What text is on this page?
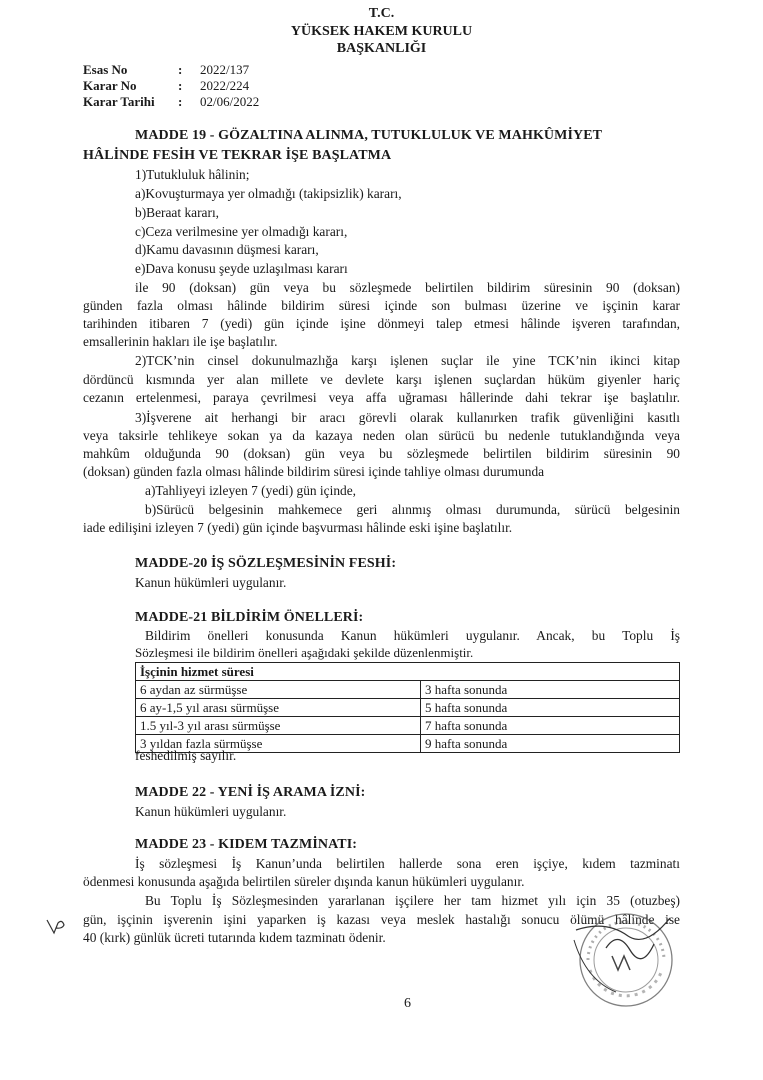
T.C.
YÜKSEK HAKEM KURULU
BAŞKANLIĞI
Esas No	:	2022/137
Karar No	:	2022/224
Karar Tarihi	:	02/06/2022
MADDE 19 - GÖZALTINA ALINMA, TUTUKLULUK VE MAHKÛMİYET
HÂLİNDE FESİH VE TEKRAR İŞE BAŞLATMA
1)Tutukluluk hâlinin;
a)Kovuşturmaya yer olmadığı (takipsizlik) kararı,
b)Beraat kararı,
c)Ceza verilmesine yer olmadığı kararı,
d)Kamu davasının düşmesi kararı,
e)Dava konusu şeyde uzlaşılması kararı
ile 90 (doksan) gün veya bu sözleşmede belirtilen bildirim süresinin 90 (doksan)
günden fazla olması hâlinde bildirim süresi içinde son bulması üzerine ve işçinin karar
tarihinden itibaren 7 (yedi) gün içinde işine dönmeyi talep etmesi hâlinde işveren tarafından,
emsallerinin hakları ile işe başlatılır.
2)TCK’nin cinsel dokunulmazlığa karşı işlenen suçlar ile yine TCK’nin ikinci kitap
dördüncü kısmında yer alan millete ve devlete karşı işlenen suçlardan hüküm giyenler hariç
cezanın ertelenmesi, paraya çevrilmesi veya affa uğraması hâllerinde dahi tekrar işe başlatılır.
3)İşverene ait herhangi bir aracı görevli olarak kullanırken trafik güvenliğini kasıtlı
veya taksirle tehlikeye sokan ya da kazaya neden olan sürücü bu nedenle tutuklandığında veya
mahkûm olduğunda 90 (doksan) gün veya bu sözleşmede belirtilen bildirim süresinin 90
(doksan) günden fazla olması hâlinde bildirim süresi içinde tahliye olması durumunda
a)Tahliyeyi izleyen 7 (yedi) gün içinde,
b)Sürücü belgesinin mahkemece geri alınmış olması durumunda, sürücü belgesinin
iade edilişini izleyen 7 (yedi) gün içinde başvurması hâlinde eski işine başlatılır.
MADDE-20 İŞ SÖZLEŞMESİNİN FESHİ:
Kanun hükümleri uygulanır.
MADDE-21 BİLDİRİM ÖNELLERİ:
Bildirim önelleri konusunda Kanun hükümleri uygulanır. Ancak, bu Toplu İş
Sözleşmesi ile bildirim önelleri aşağıdaki şekilde düzenlenmiştir.
İşçinin hizmet süresi	
6 aydan az sürmüşse	3 hafta sonunda
6 ay-1,5 yıl arası sürmüşse	5 hafta sonunda
1.5 yıl-3 yıl arası sürmüşse	7 hafta sonunda
3 yıldan fazla sürmüşse	9 hafta sonunda
feshedilmiş sayılır.
MADDE 22 - YENİ İŞ ARAMA İZNİ:
Kanun hükümleri uygulanır.
MADDE 23 - KIDEM TAZMİNATI:
İş sözleşmesi İş Kanun’unda belirtilen hallerde sona eren işçiye, kıdem tazminatı
ödenmesi konusunda aşağıda belirtilen süreler dışında kanun hükümleri uygulanır.
Bu Toplu İş Sözleşmesinden yararlanan işçilere her tam hizmet yılı için 35 (otuzbeş)
gün, işçinin işverenin işini yaparken iş kazası veya meslek hastalığı sonucu ölümü hâlinde ise
40 (kırk) günlük ücreti tutarında kıdem tazminatı ödenir.
6
